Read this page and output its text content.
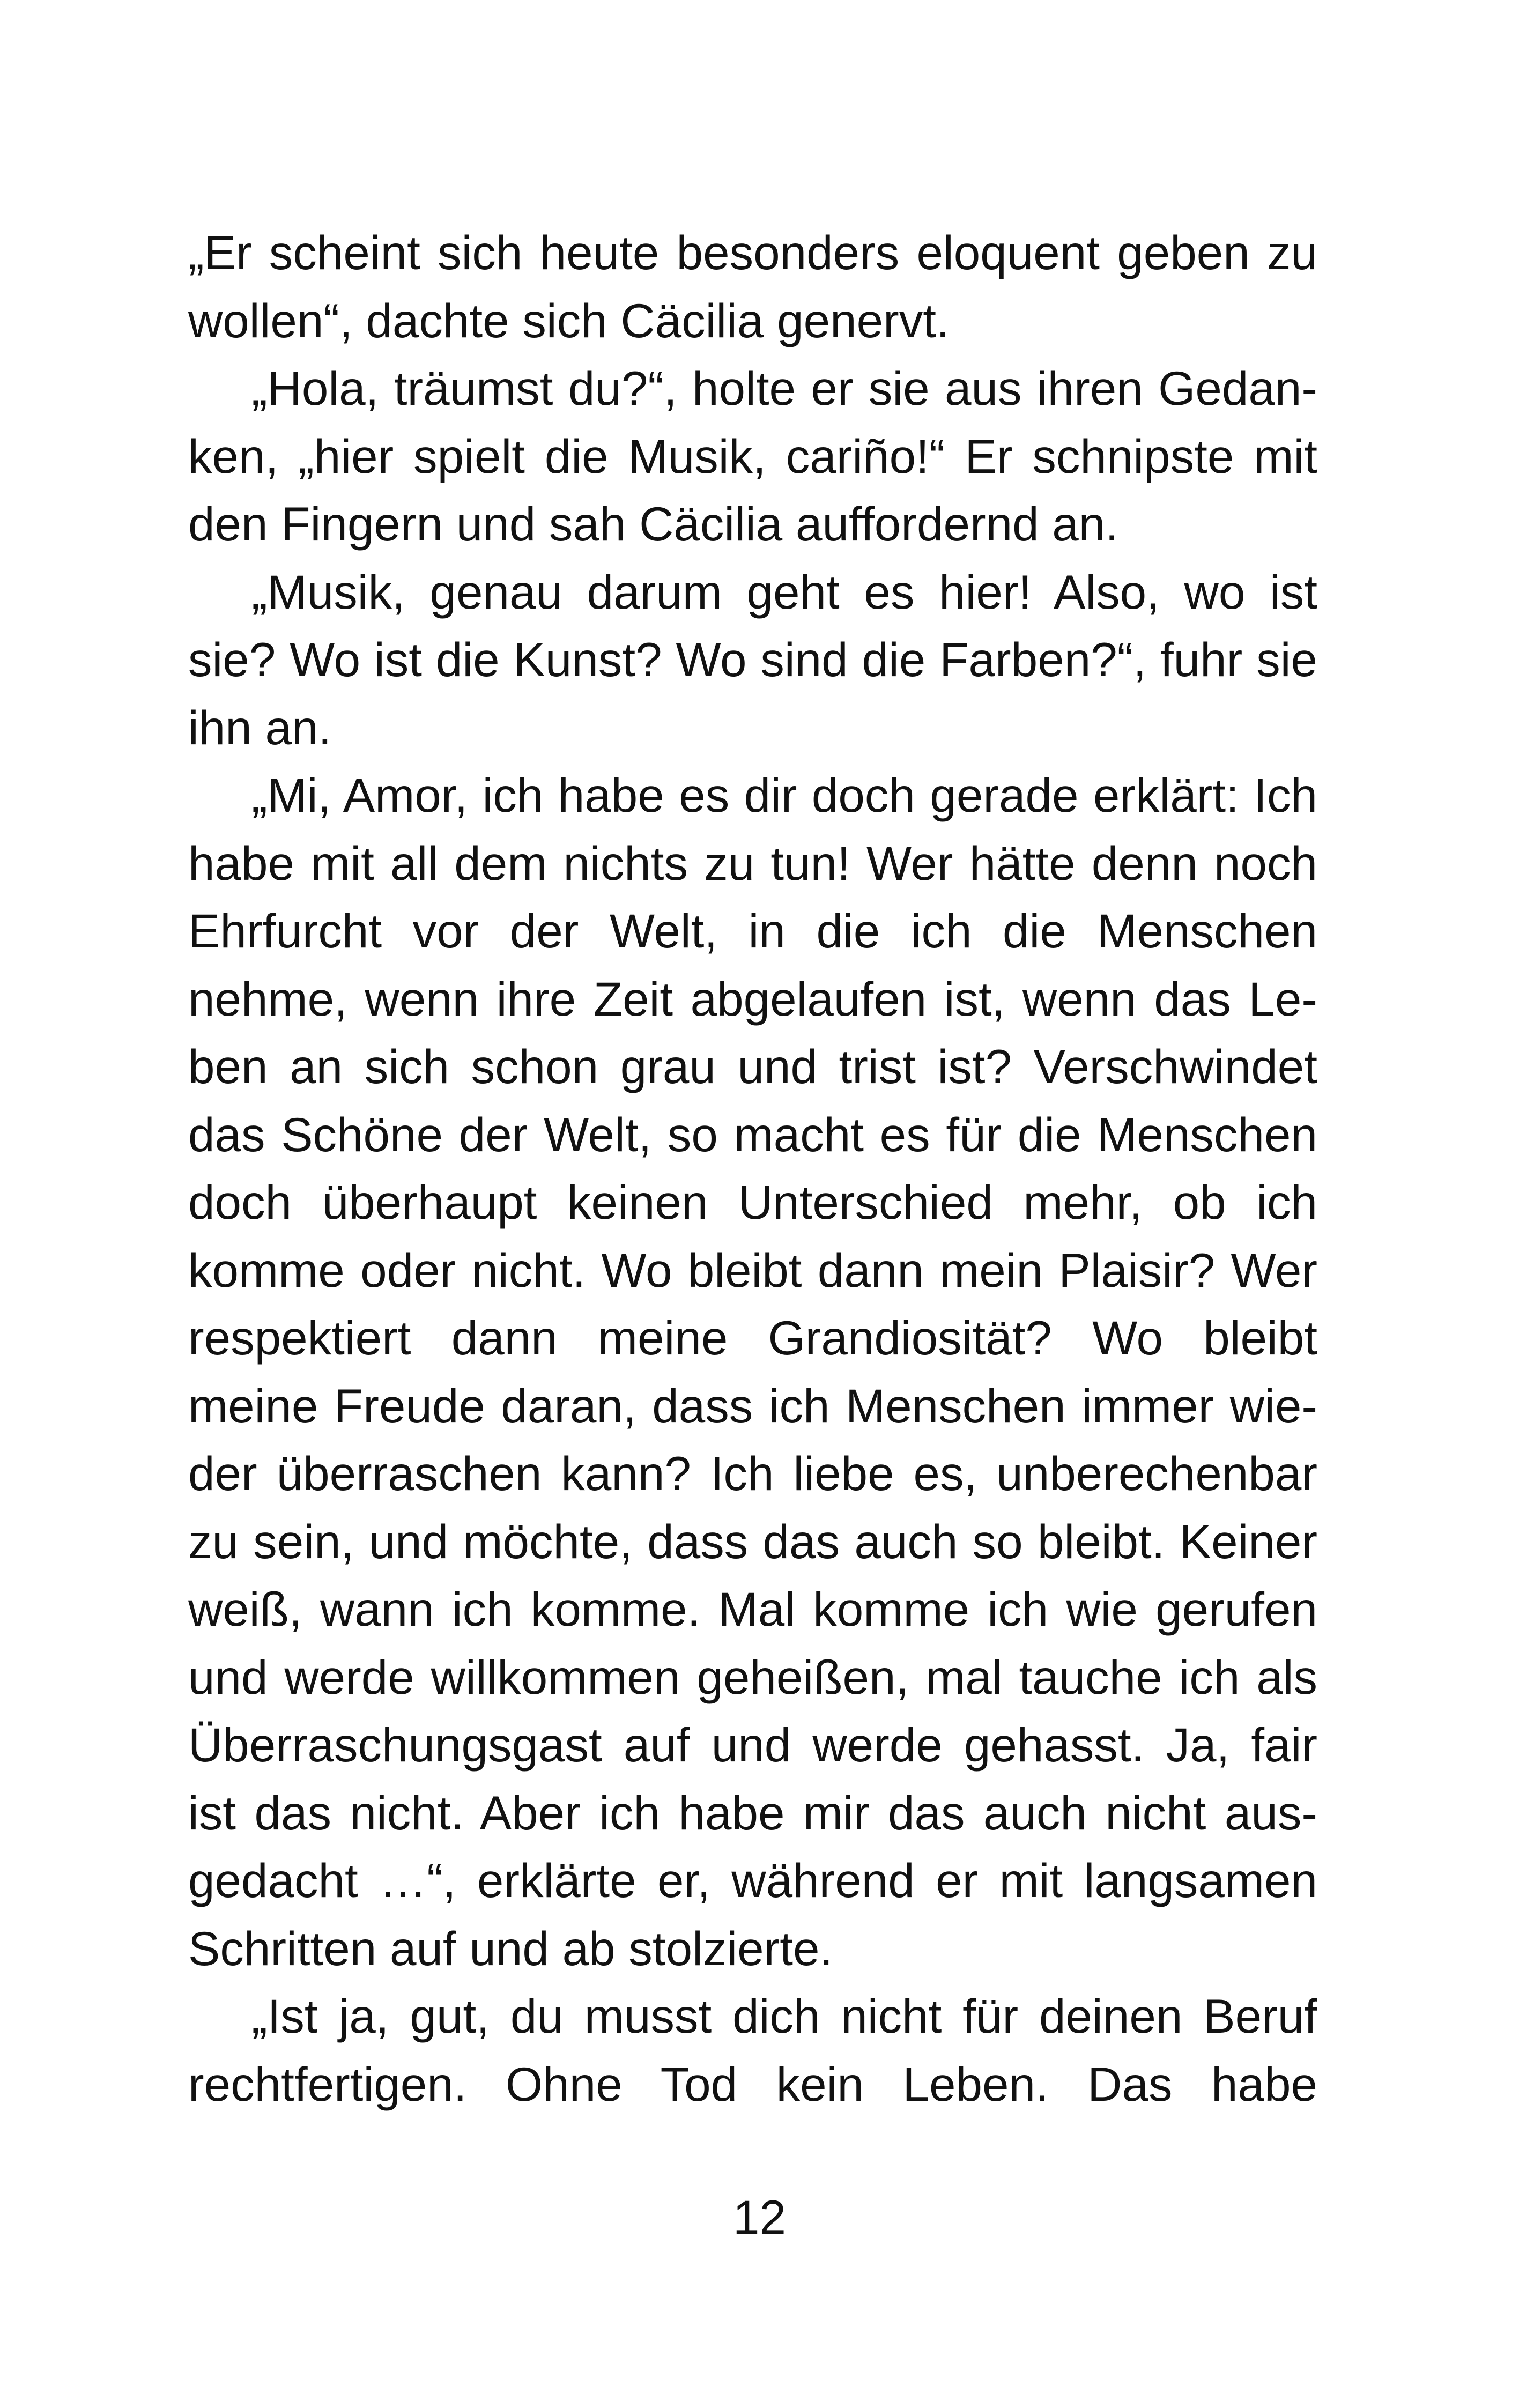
„Er scheint sich heute besonders eloquent geben zu
wollen“, dachte sich Cäcilia genervt.
„Hola, träumst du?“, holte er sie aus ihren Gedan-
ken, „hier spielt die Musik, cariño!“ Er schnipste mit
den Fingern und sah Cäcilia auffordernd an.
„Musik, genau darum geht es hier! Also, wo ist
sie? Wo ist die Kunst? Wo sind die Farben?“, fuhr sie
ihn an.
„Mi, Amor, ich habe es dir doch gerade erklärt: Ich
habe mit all dem nichts zu tun! Wer hätte denn noch
Ehrfurcht vor der Welt, in die ich die Menschen
nehme, wenn ihre Zeit abgelaufen ist, wenn das Le-
ben an sich schon grau und trist ist? Verschwindet
das Schöne der Welt, so macht es für die Menschen
doch überhaupt keinen Unterschied mehr, ob ich
komme oder nicht. Wo bleibt dann mein Plaisir? Wer
respektiert dann meine Grandiosität? Wo bleibt
meine Freude daran, dass ich Menschen immer wie-
der überraschen kann? Ich liebe es, unberechenbar
zu sein, und möchte, dass das auch so bleibt. Keiner
weiß, wann ich komme. Mal komme ich wie gerufen
und werde willkommen geheißen, mal tauche ich als
Überraschungsgast auf und werde gehasst. Ja, fair
ist das nicht. Aber ich habe mir das auch nicht aus-
gedacht …“, erklärte er, während er mit langsamen
Schritten auf und ab stolzierte.
„Ist ja, gut, du musst dich nicht für deinen Beruf
rechtfertigen. Ohne Tod kein Leben. Das habe
12
